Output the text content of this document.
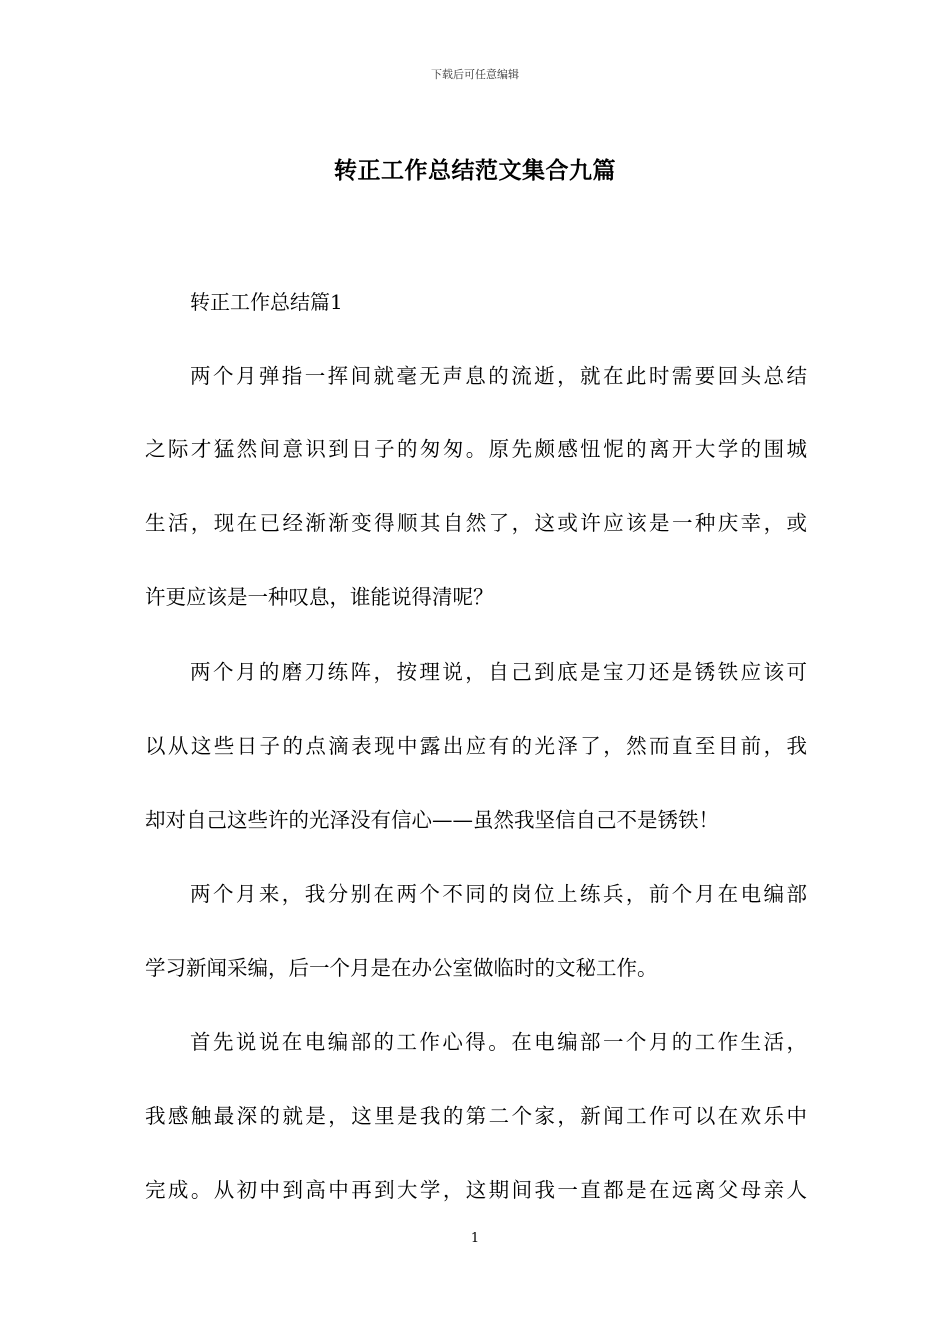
下载后可任意编辑
转正工作总结范文集合九篇
转正工作总结篇1
两个月弹指一挥间就毫无声息的流逝，就在此时需要回头总结
之际才猛然间意识到日子的匆匆。原先颇感忸怩的离开大学的围城
生活，现在已经渐渐变得顺其自然了，这或许应该是一种庆幸，或
许更应该是一种叹息，谁能说得清呢？
两个月的磨刀练阵，按理说，自己到底是宝刀还是锈铁应该可
以从这些日子的点滴表现中露出应有的光泽了，然而直至目前，我
却对自己这些许的光泽没有信心——虽然我坚信自己不是锈铁！
两个月来，我分别在两个不同的岗位上练兵，前个月在电编部
学习新闻采编，后一个月是在办公室做临时的文秘工作。
首先说说在电编部的工作心得。在电编部一个月的工作生活，
我感触最深的就是，这里是我的第二个家，新闻工作可以在欢乐中
完成。从初中到高中再到大学，这期间我一直都是在远离父母亲人
1
